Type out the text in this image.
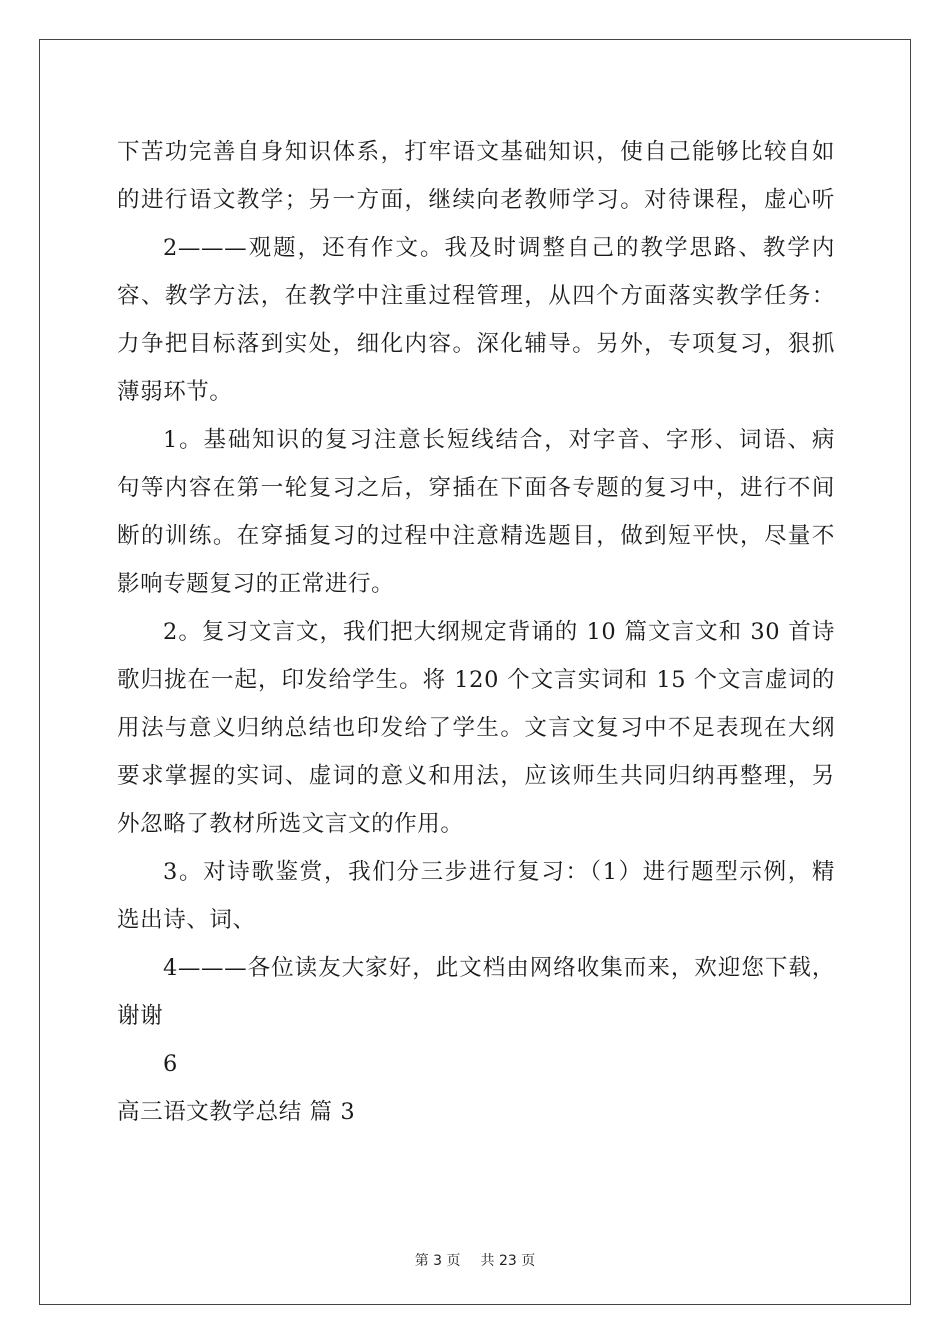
下苦功完善自身知识体系，打牢语文基础知识，使自己能够比较自如
的进行语文教学；另一方面，继续向老教师学习。对待课程，虚心听
2———观题，还有作文。我及时调整自己的教学思路、教学内
容、教学方法，在教学中注重过程管理，从四个方面落实教学任务：
力争把目标落到实处，细化内容。深化辅导。另外，专项复习，狠抓
薄弱环节。
1。基础知识的复习注意长短线结合，对字音、字形、词语、病
句等内容在第一轮复习之后，穿插在下面各专题的复习中，进行不间
断的训练。在穿插复习的过程中注意精选题目，做到短平快，尽量不
影响专题复习的正常进行。
2。复习文言文，我们把大纲规定背诵的 10 篇文言文和 30 首诗
歌归拢在一起，印发给学生。将 120 个文言实词和 15 个文言虚词的
用法与意义归纳总结也印发给了学生。文言文复习中不足表现在大纲
要求掌握的实词、虚词的意义和用法，应该师生共同归纳再整理，另
外忽略了教材所选文言文的作用。
3。对诗歌鉴赏，我们分三步进行复习：（1）进行题型示例，精
选出诗、词、
4———各位读友大家好，此文档由网络收集而来，欢迎您下载，
谢谢
6
高三语文教学总结 篇 3
第 3 页 共 23 页
